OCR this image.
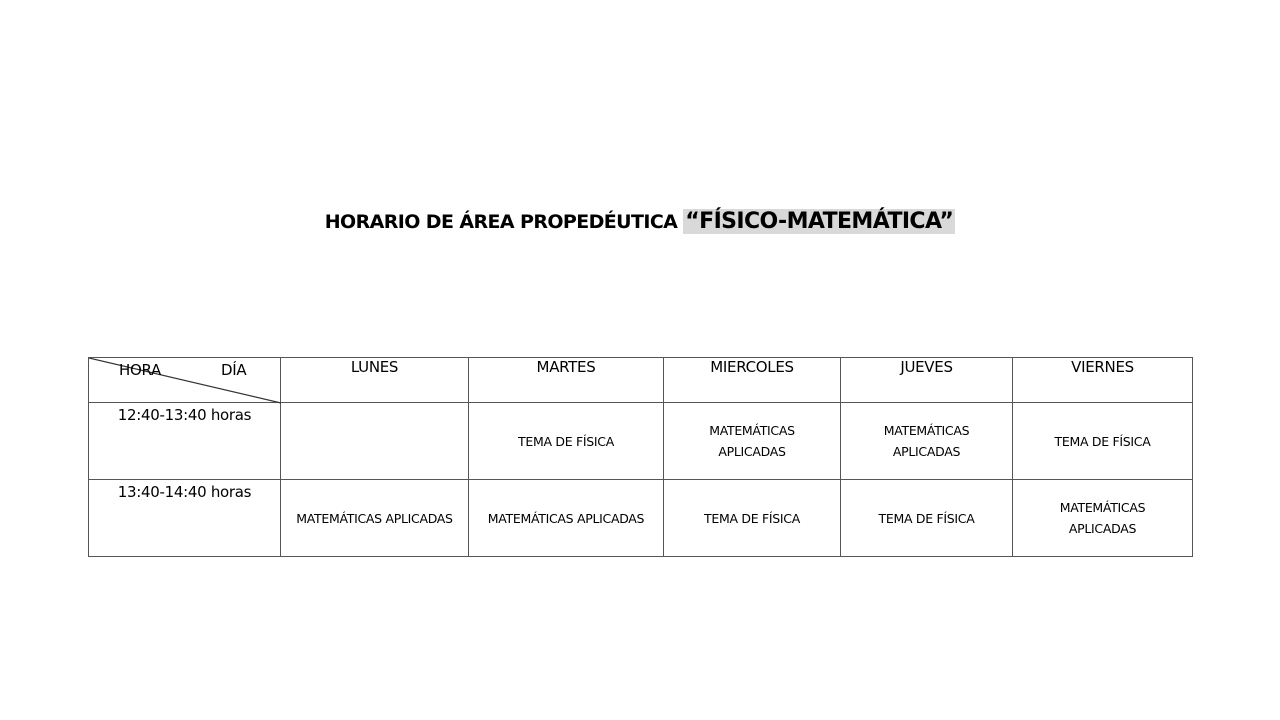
HORARIO DE ÁREA PROPEDÉUTICA “FÍSICO-MATEMÁTICA”
HORA DÍA	LUNES	MARTES	MIERCOLES	JUEVES	VIERNES
12:40-13:40 horas		TEMA DE FÍSICA	MATEMÁTICAS APLICADAS	MATEMÁTICAS APLICADAS	TEMA DE FÍSICA
13:40-14:40 horas	MATEMÁTICAS APLICADAS	MATEMÁTICAS APLICADAS	TEMA DE FÍSICA	TEMA DE FÍSICA	MATEMÁTICAS APLICADAS
